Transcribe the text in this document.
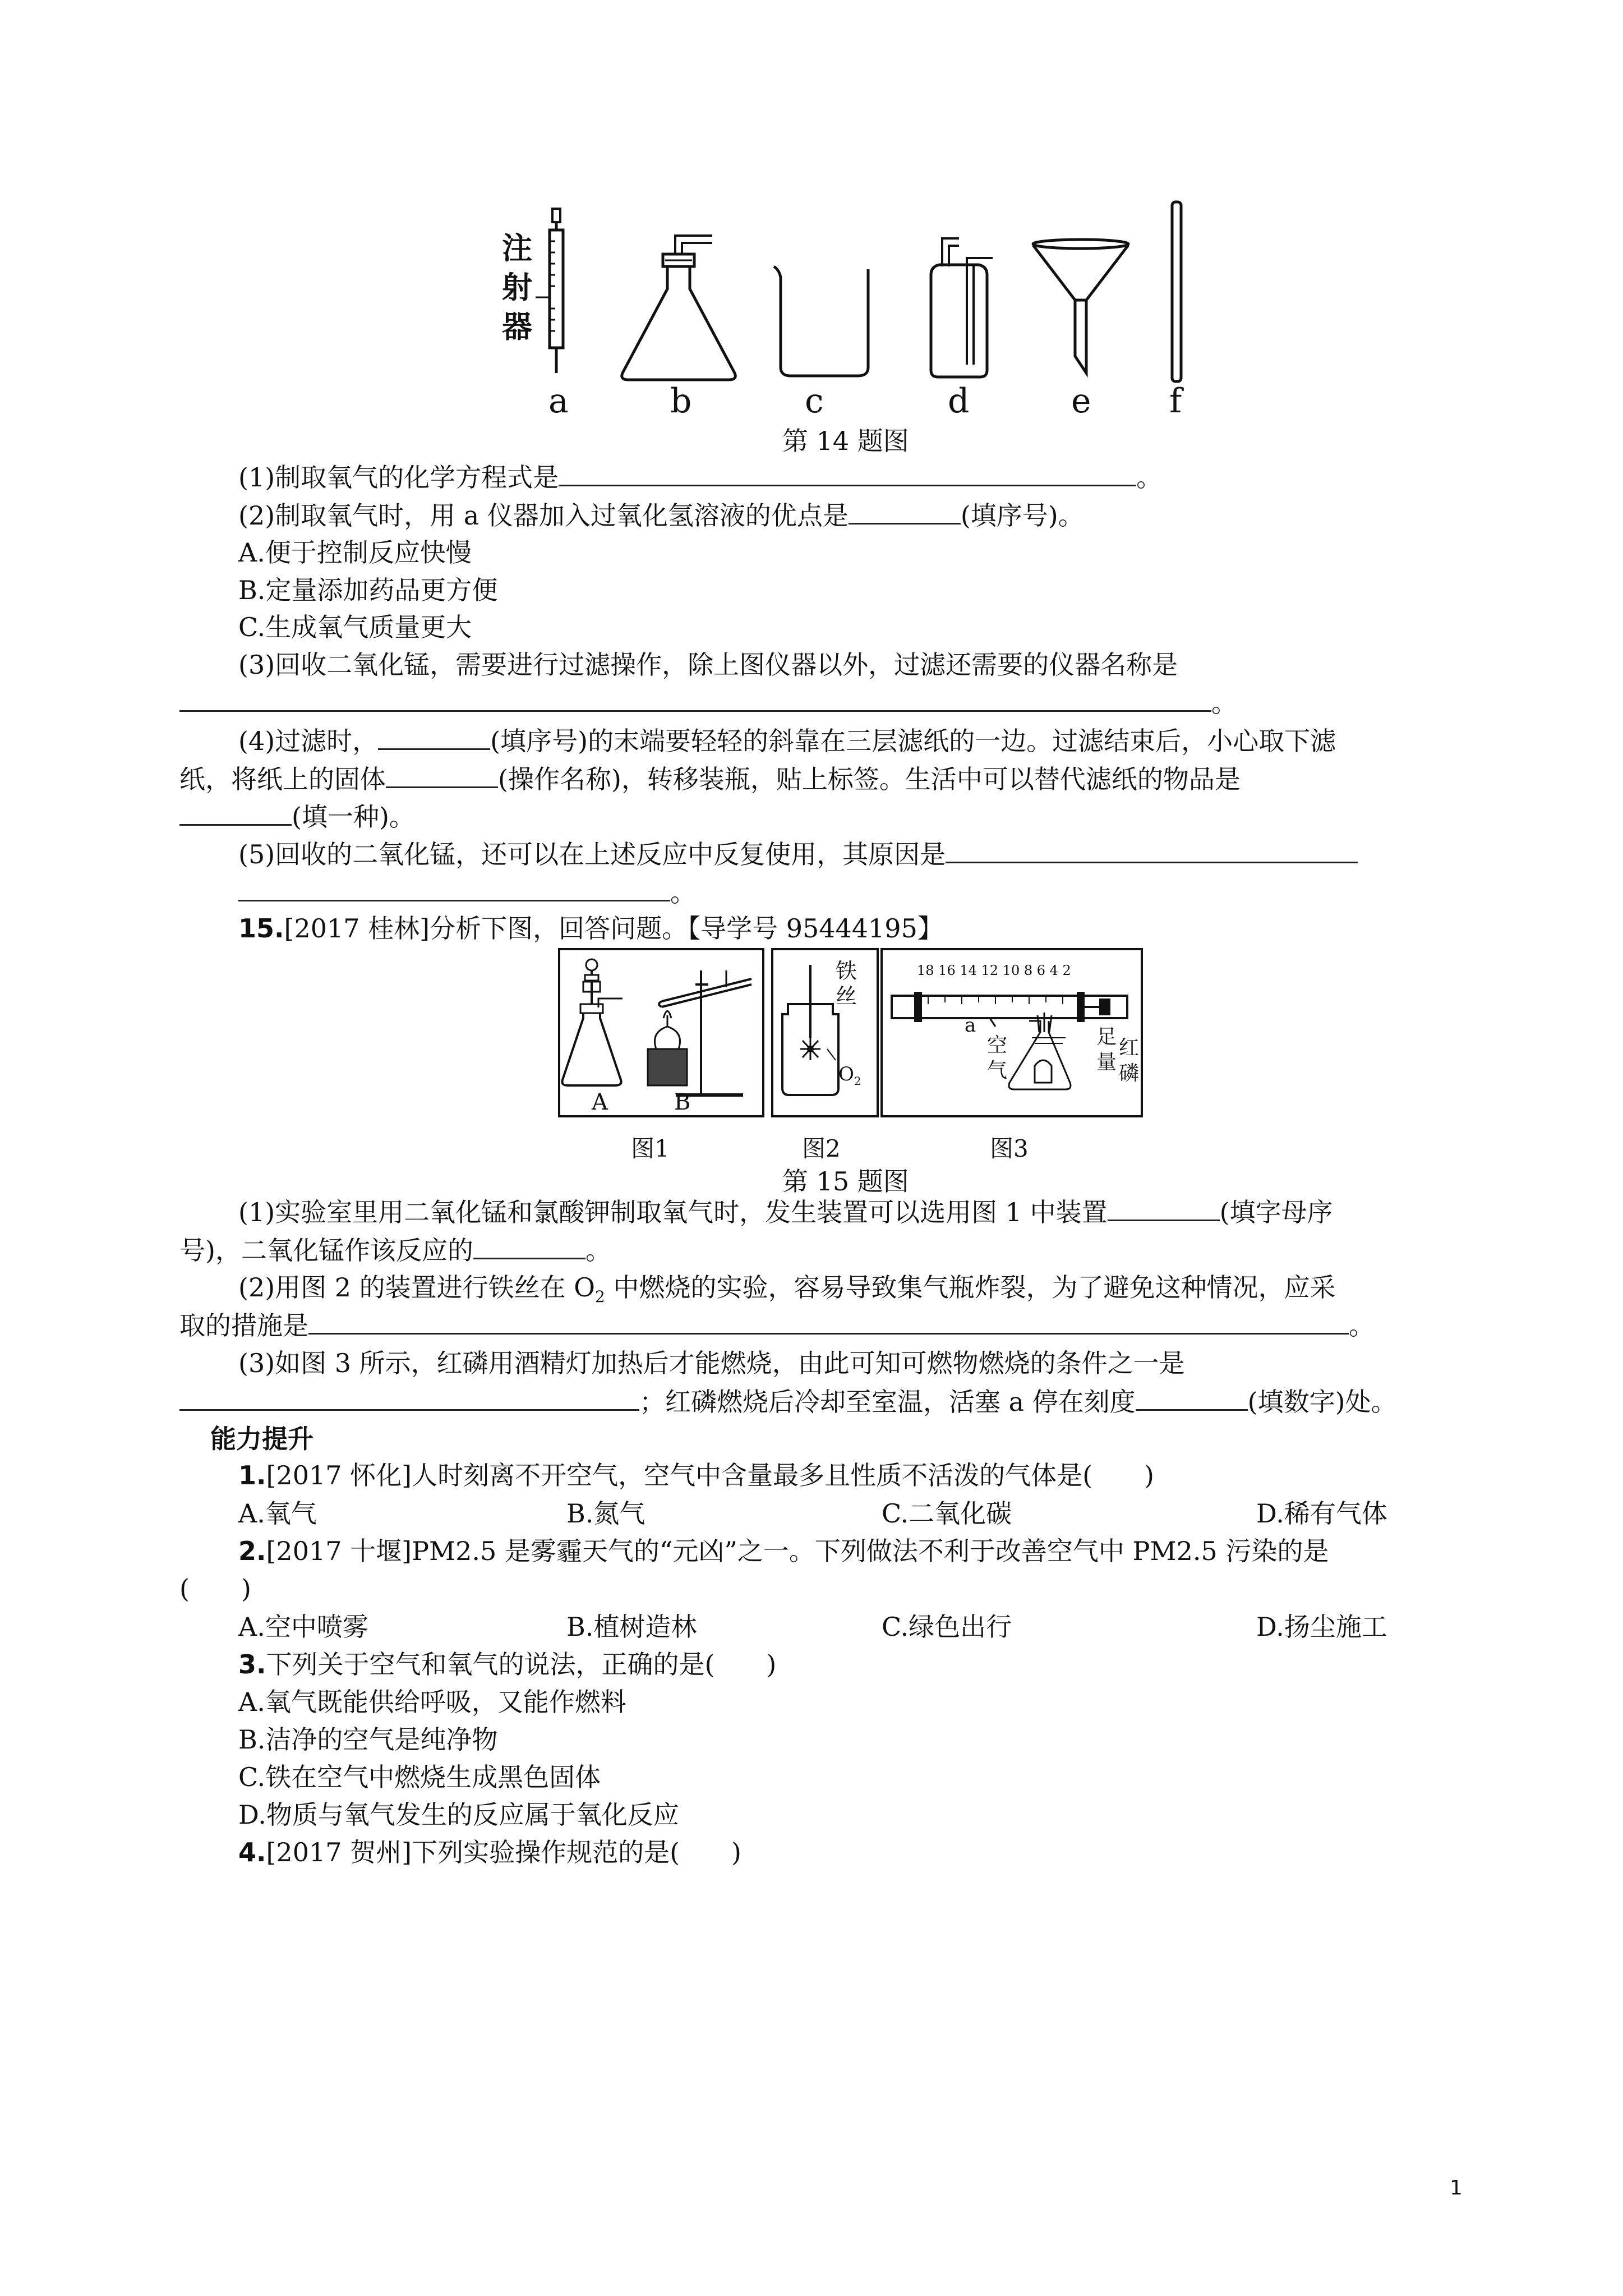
注
射
器
a	b	c	d	e f
第 14 题图
(1)制取氧气的化学方程式是	。
(2)制取氧气时，用 a 仪器加入过氧化氢溶液的优点是	(填序号)。
A.便于控制反应快慢
B.定量添加药品更方便
C.生成氧气质量更大
(3)回收二氧化锰，需要进行过滤操作，除上图仪器以外，过滤还需要的仪器名称是
。
(4)过滤时，	(填序号)的末端要轻轻的斜靠在三层滤纸的一边。过滤结束后，小心取下滤
纸，将纸上的固体	(操作名称)，转移装瓶，贴上标签。生活中可以替代滤纸的物品是
(填一种)。
(5)回收的二氧化锰，还可以在上述反应中反复使用，其原因是
。
15.[2017 桂林]分析下图，回答问题。【导学号 95444195】
A	B
铁
丝
$O_2$
18 16 14 12 10 8 6 4 2
a
空
气
足
量
红
磷
图1	图2	图3
第 15 题图
(1)实验室里用二氧化锰和氯酸钾制取氧气时，发生装置可以选用图 1 中装置	(填字母序
号)，二氧化锰作该反应的	。
(2)用图 2 的装置进行铁丝在 $O_2$ 中燃烧的实验，容易导致集气瓶炸裂，为了避免这种情况，应采
取的措施是	。
(3)如图 3 所示，红磷用酒精灯加热后才能燃烧，由此可知可燃物燃烧的条件之一是
；红磷燃烧后冷却至室温，活塞 a 停在刻度	(填数字)处。
能力提升
1.[2017 怀化]人时刻离不开空气，空气中含量最多且性质不活泼的气体是(　　)
A.氧气	B.氮气	C.二氧化碳	D.稀有气体
2.[2017 十堰]PM2.5 是雾霾天气的“元凶”之一。下列做法不利于改善空气中 PM2.5 污染的是
(　　)
A.空中喷雾	B.植树造林	C.绿色出行	D.扬尘施工
3.下列关于空气和氧气的说法，正确的是(　　)
A.氧气既能供给呼吸，又能作燃料
B.洁净的空气是纯净物
C.铁在空气中燃烧生成黑色固体
D.物质与氧气发生的反应属于氧化反应
4.[2017 贺州]下列实验操作规范的是(　　)
1
